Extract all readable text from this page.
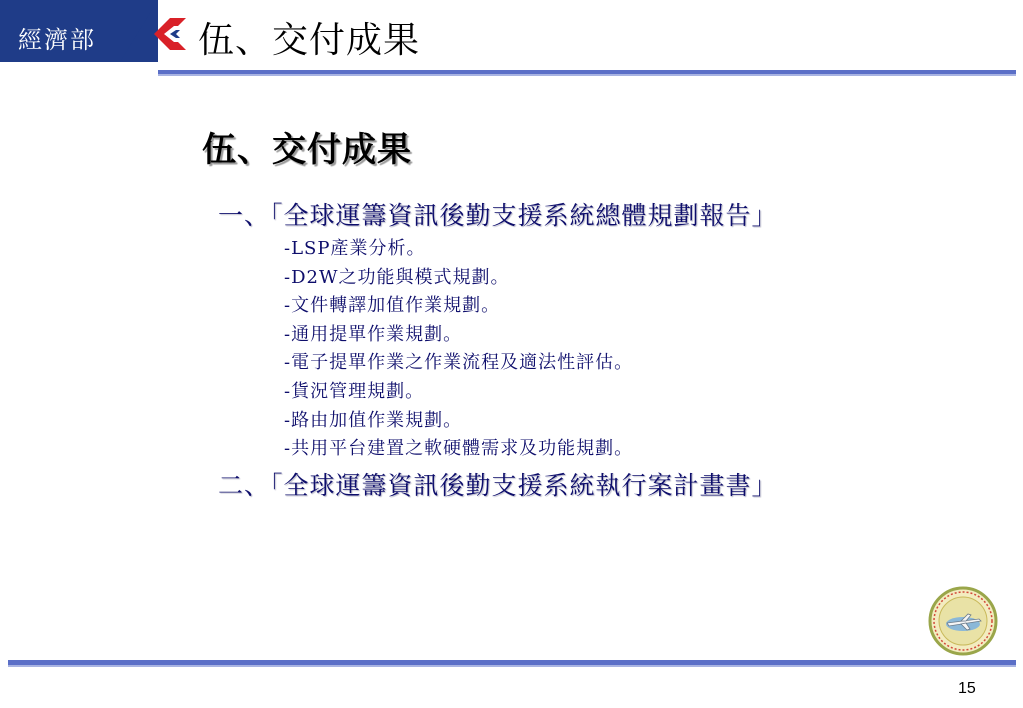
經濟部	伍、交付成果
伍、交付成果
一、「全球運籌資訊後勤支援系統總體規劃報告」
-LSP產業分析。
-D2W之功能與模式規劃。
-文件轉譯加值作業規劃。
-通用提單作業規劃。
-電子提單作業之作業流程及適法性評估。
-貨況管理規劃。
-路由加值作業規劃。
-共用平台建置之軟硬體需求及功能規劃。
二、「全球運籌資訊後勤支援系統執行案計畫書」
15
